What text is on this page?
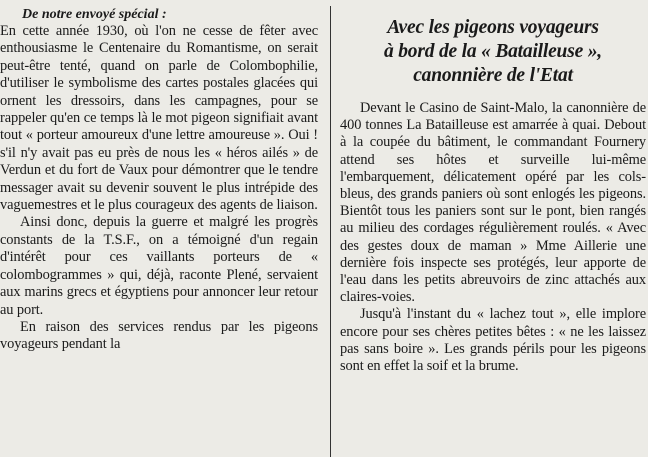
De notre envoyé spécial :

En cette année 1930, où l'on ne cesse de fêter avec enthousiasme le Centenaire du Romantisme, on serait peut-être tenté, quand on parle de Colombophilie, d'utiliser le symbolisme des cartes postales glacées qui ornent les dressoirs, dans les campagnes, pour se rappeler qu'en ce temps là le mot pigeon signifiait avant tout « porteur amoureux d'une lettre amoureuse ». Oui ! s'il n'y avait pas eu près de nous les « héros ailés » de Verdun et du fort de Vaux pour démontrer que le tendre messager avait su devenir souvent le plus intrépide des vaguemestres et le plus courageux des agents de liaison.

Ainsi donc, depuis la guerre et malgré les progrès constants de la T.S.F., on a témoigné d'un regain d'intérêt pour ces vaillants porteurs de « colombogrammes » qui, déjà, raconte Plené, servaient aux marins grecs et égyptiens pour annoncer leur retour au port.

En raison des services rendus par les pigeons voyageurs pendant la

Avec les pigeons voyageurs
à bord de la « Batailleuse »,
canonnière de l'Etat

Devant le Casino de Saint-Malo, la canonnière de 400 tonnes La Batailleuse est amarrée à quai. Debout à la coupée du bâtiment, le commandant Fournery attend ses hôtes et surveille lui-même l'embarquement, délicatement opéré par les cols-bleus, des grands paniers où sont enlogés les pigeons. Bientôt tous les paniers sont sur le pont, bien rangés au milieu des cordages régulièrement roulés. « Avec des gestes doux de maman » Mme Aillerie une dernière fois inspecte ses protégés, leur apporte de l'eau dans les petits abreuvoirs de zinc attachés aux claires-voies.

Jusqu'à l'instant du « lachez tout », elle implore encore pour ses chères petites bêtes : « ne les laissez pas sans boire ». Les grands périls pour les pigeons sont en effet la soif et la brume.
